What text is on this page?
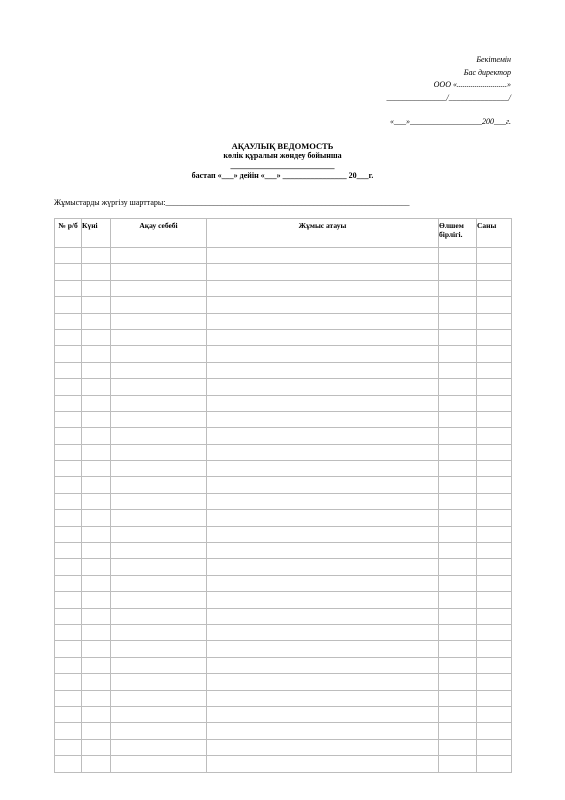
Бекітемін
Бас директор
ООО «.........................»
_______________/_______________/
«___»__________________200___г.
АҚАУЛЫҚ ВЕДОМОСТЬ
көлік құралын жөндеу бойынша
__________________________
бастап «___» дейін «___» ________________ 20___г.
Жұмыстарды жүргізу шарттары:_____________________________________________________________
№ р/б	Күні	Ақау себебі	Жұмыс атауы	Өлшем бірлігі.	Саны
